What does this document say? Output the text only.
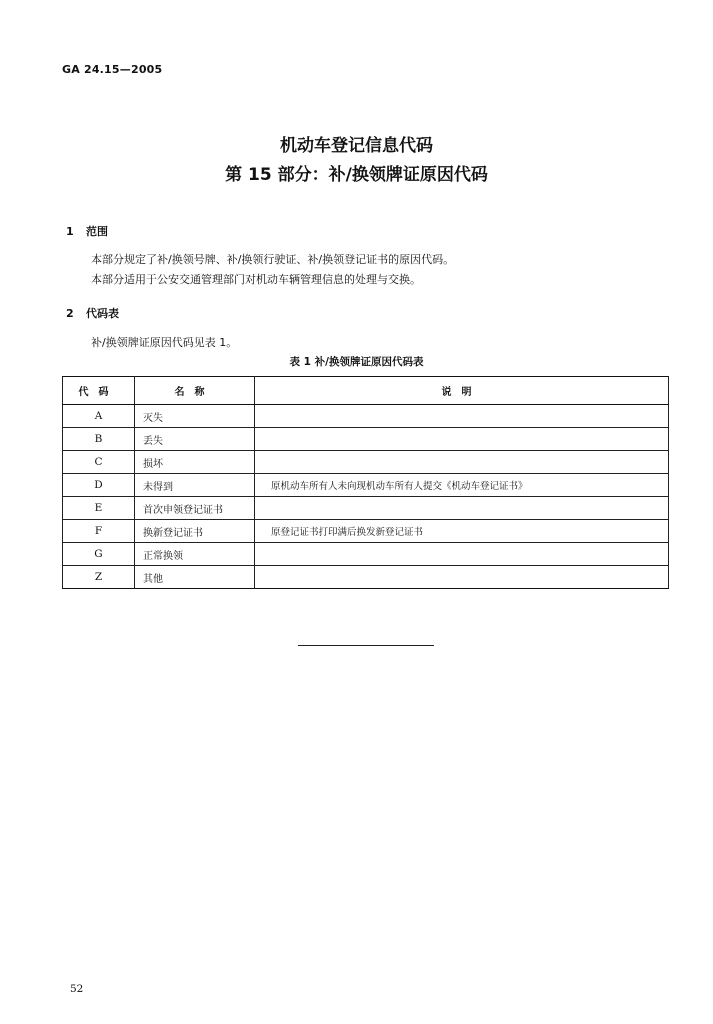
GA 24.15—2005
机动车登记信息代码
第 15 部分：补/换领牌证原因代码
1 范围
本部分规定了补/换领号牌、补/换领行驶证、补/换领登记证书的原因代码。
本部分适用于公安交通管理部门对机动车辆管理信息的处理与交换。
2 代码表
补/换领牌证原因代码见表 1。
表 1 补/换领牌证原因代码表
代码	名称	说明
A	灭失	
B	丢失	
C	损坏	
D	未得到	原机动车所有人未向现机动车所有人提交《机动车登记证书》
E	首次申领登记证书	
F	换新登记证书	原登记证书打印满后换发新登记证书
G	正常换领	
Z	其他	
52
